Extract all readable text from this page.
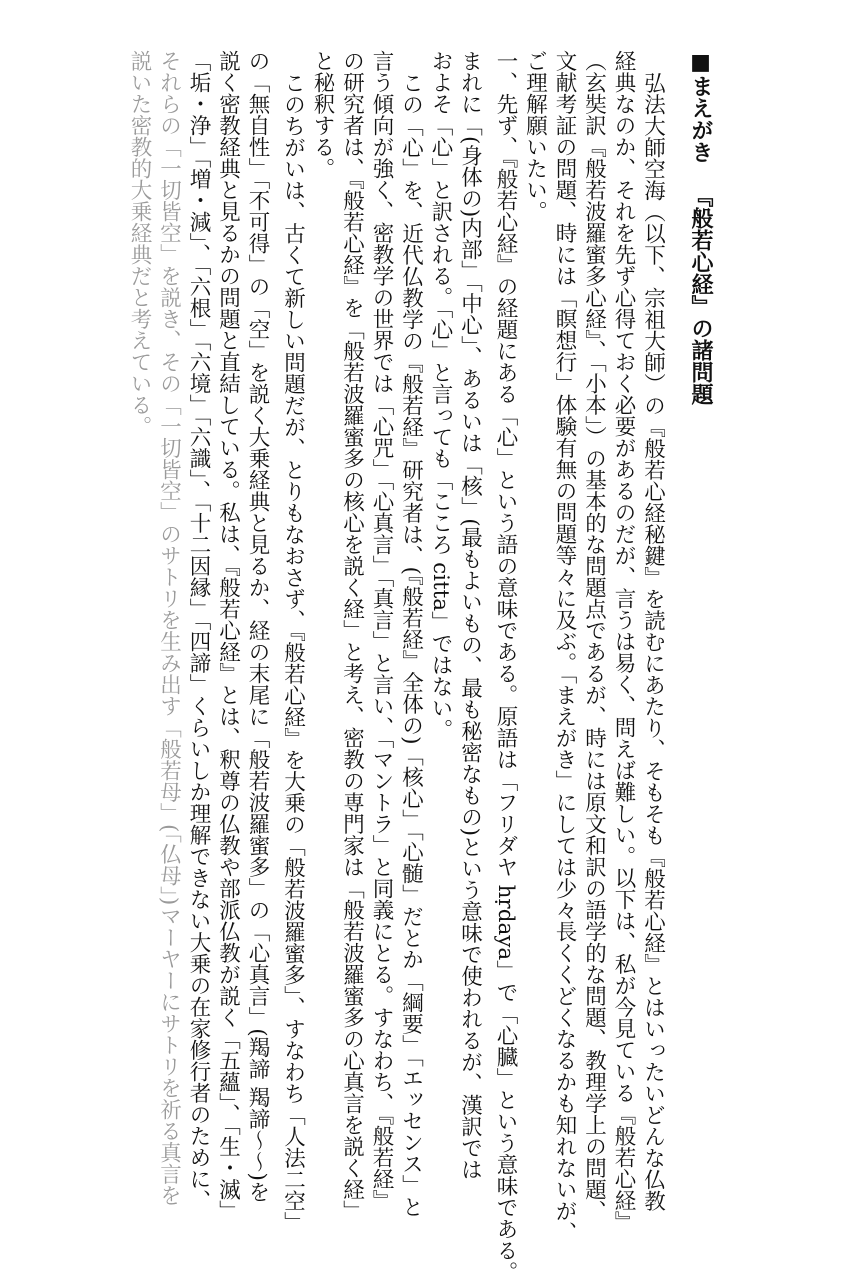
■まえがき『般若心経』の諸問題
弘法大師空海（以下、宗祖大師）の『般若心経秘鍵』を読むにあたり、そもそも『般若心経』とはいったいどんな仏教
経典なのか、それを先ず心得ておく必要があるのだが、言うは易く、問えば難しい。以下は、私が今見ている『般若心経』
（玄奘訳『般若波羅蜜多心経』、「小本」）の基本的な問題点であるが、時には原文和訳の語学的な問題、教理学上の問題、
文献考証の問題、時には「瞑想行」体験有無の問題等々に及ぶ。「まえがき」にしては少々長くくどくなるかも知れないが、
ご理解願いたい。
一、先ず、『般若心経』の経題にある「心」という語の意味である。原語は「フリダヤ hṛdaya」で「心臓」という意味である。
まれに「(身体の)内部」「中心」、あるいは「核」(最もよいもの、最も秘密なもの)という意味で使われるが、漢訳では
およそ「心」と訳される。「心」と言っても「こころ citta」ではない。
この「心」を、近代仏教学の『般若経』研究者は、(『般若経』全体の)「核心」「心髄」だとか「綱要」「エッセンス」と
言う傾向が強く、密教学の世界では「心咒」「心真言」「真言」と言い、「マントラ」と同義にとる。すなわち、『般若経』
の研究者は、『般若心経』を「般若波羅蜜多の核心を説く経」と考え、密教の専門家は「般若波羅蜜多の心真言を説く経」
と秘釈する。
このちがいは、古くて新しい問題だが、とりもなおさず、『般若心経』を大乗の「般若波羅蜜多」、すなわち「人法二空」
の「無自性」「不可得」の「空」を説く大乗経典と見るか、経の末尾に「般若波羅蜜多」の「心真言」(羯諦 羯諦〜〜)を
説く密教経典と見るかの問題と直結している。私は、『般若心経』とは、釈尊の仏教や部派仏教が説く「五蘊」、「生・滅」
「垢・浄」「増・減」、「六根」「六境」「六識」、「十二因縁」「四諦」くらいしか理解できない大乗の在家修行者のために、
それらの「一切皆空」を説き、その「一切皆空」のサトリを生み出す「般若母」(「仏母」)マーヤーにサトリを祈る真言を
説いた密教的大乗経典だと考えている。
